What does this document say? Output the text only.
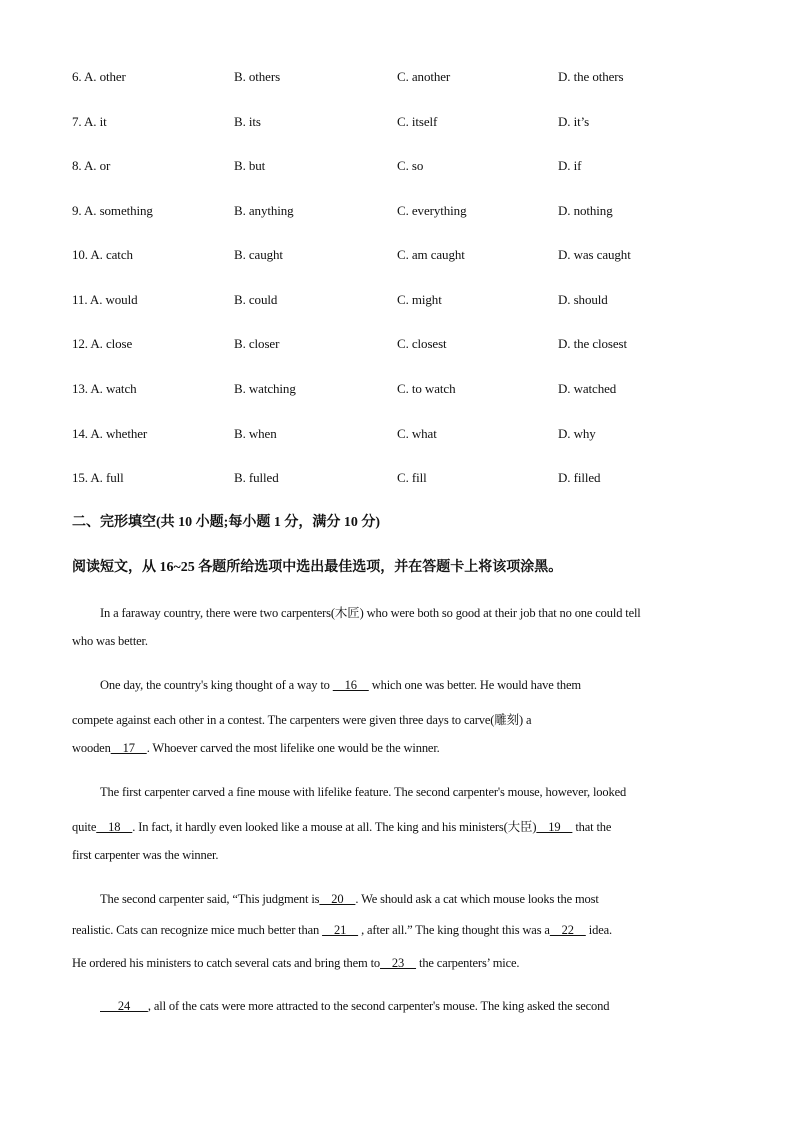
6. A. other	B. others	C. another	D. the others
7. A. it	B. its	C. itself	D. it’s
8. A. or	B. but	C. so	D. if
9. A. something	B. anything	C. everything	D. nothing
10. A. catch	B. caught	C. am caught	D. was caught
11. A. would	B. could	C. might	D. should
12. A. close	B. closer	C. closest	D. the closest
13. A. watch	B. watching	C. to watch	D. watched
14. A. whether	B. when	C. what	D. why
15. A. full	B. fulled	C. fill	D. filled
二、完形填空(共 10 小题;每小题 1 分，满分 10 分)
阅读短文，从 16~25 各题所给选项中选出最佳选项，并在答题卡上将该项涂黑。
In a faraway country, there were two carpenters(木匠) who were both so good at their job that no one could tell
who was better.
One day, the country's king thought of a way to     16     which one was better. He would have them
compete against each other in a contest. The carpenters were given three days to carve(雕刻) a
wooden    17    . Whoever carved the most lifelike one would be the winner.
The first carpenter carved a fine mouse with lifelike feature. The second carpenter's mouse, however, looked
quite    18    . In fact, it hardly even looked like a mouse at all. The king and his ministers(大臣)    19     that the
first carpenter was the winner.
The second carpenter said, “This judgment is    20    . We should ask a cat which mouse looks the most
realistic. Cats can recognize mice much better than     21     , after all.” The king thought this was a    22     idea.
He ordered his ministers to catch several cats and bring them to    23     the carpenters’ mice.
24      , all of the cats were more attracted to the second carpenter's mouse. The king asked the second
